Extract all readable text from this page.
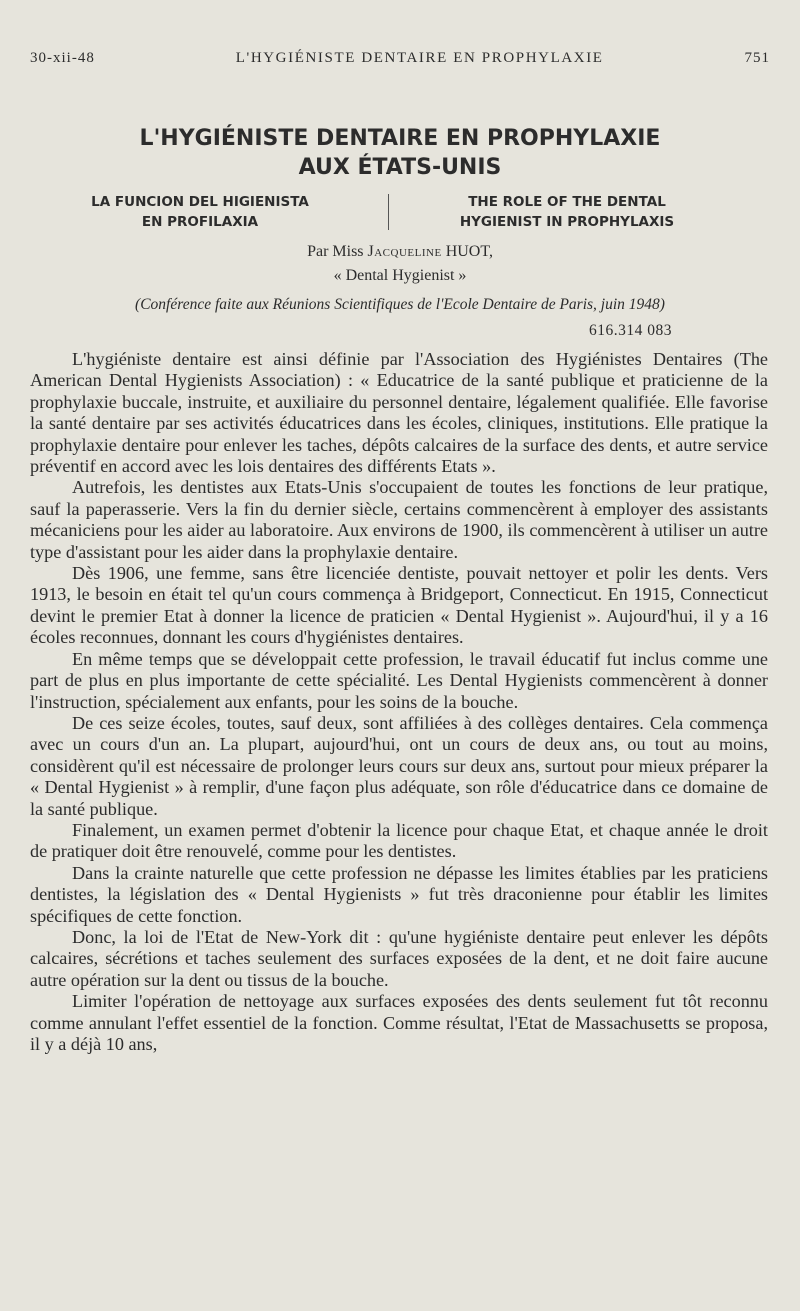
30-xii-48	L'HYGIÉNISTE DENTAIRE EN PROPHYLAXIE	751
L'HYGIÉNISTE DENTAIRE EN PROPHYLAXIE
AUX ÉTATS-UNIS
LA FUNCION DEL HIGIENISTA
EN PROFILAXIA
THE ROLE OF THE DENTAL
HYGIENIST IN PROPHYLAXIS
Par Miss Jacqueline HUOT,
« Dental Hygienist »
(Conférence faite aux Réunions Scientifiques de l'Ecole Dentaire de Paris, juin 1948)
616.314 083

L'hygiéniste dentaire est ainsi définie par l'Association des Hygiénistes Dentaires (The American Dental Hygienists Association) : « Educatrice de la santé publique et praticienne de la prophylaxie buccale, instruite, et auxiliaire du personnel dentaire, légalement qualifiée. Elle favorise la santé dentaire par ses activités éducatrices dans les écoles, cliniques, institutions. Elle pratique la prophylaxie dentaire pour enlever les taches, dépôts calcaires de la surface des dents, et autre service préventif en accord avec les lois dentaires des différents Etats ».

Autrefois, les dentistes aux Etats-Unis s'occupaient de toutes les fonctions de leur pratique, sauf la paperasserie. Vers la fin du dernier siècle, certains commencèrent à employer des assistants mécaniciens pour les aider au laboratoire. Aux environs de 1900, ils commencèrent à utiliser un autre type d'assistant pour les aider dans la prophylaxie dentaire.

Dès 1906, une femme, sans être licenciée dentiste, pouvait nettoyer et polir les dents. Vers 1913, le besoin en était tel qu'un cours commença à Bridgeport, Connecticut. En 1915, Connecticut devint le premier Etat à donner la licence de praticien « Dental Hygienist ». Aujourd'hui, il y a 16 écoles reconnues, donnant les cours d'hygiénistes dentaires.

En même temps que se développait cette profession, le travail éducatif fut inclus comme une part de plus en plus importante de cette spécialité. Les Dental Hygienists commencèrent à donner l'instruction, spécialement aux enfants, pour les soins de la bouche.

De ces seize écoles, toutes, sauf deux, sont affiliées à des collèges dentaires. Cela commença avec un cours d'un an. La plupart, aujourd'hui, ont un cours de deux ans, ou tout au moins, considèrent qu'il est nécessaire de prolonger leurs cours sur deux ans, surtout pour mieux préparer la « Dental Hygienist » à remplir, d'une façon plus adéquate, son rôle d'éducatrice dans ce domaine de la santé publique.

Finalement, un examen permet d'obtenir la licence pour chaque Etat, et chaque année le droit de pratiquer doit être renouvelé, comme pour les dentistes.

Dans la crainte naturelle que cette profession ne dépasse les limites établies par les praticiens dentistes, la législation des « Dental Hygienists » fut très draconienne pour établir les limites spécifiques de cette fonction.

Donc, la loi de l'Etat de New-York dit : qu'une hygiéniste dentaire peut enlever les dépôts calcaires, sécrétions et taches seulement des surfaces exposées de la dent, et ne doit faire aucune autre opération sur la dent ou tissus de la bouche.

Limiter l'opération de nettoyage aux surfaces exposées des dents seulement fut tôt reconnu comme annulant l'effet essentiel de la fonction. Comme résultat, l'Etat de Massachusetts se proposa, il y a déjà 10 ans,
